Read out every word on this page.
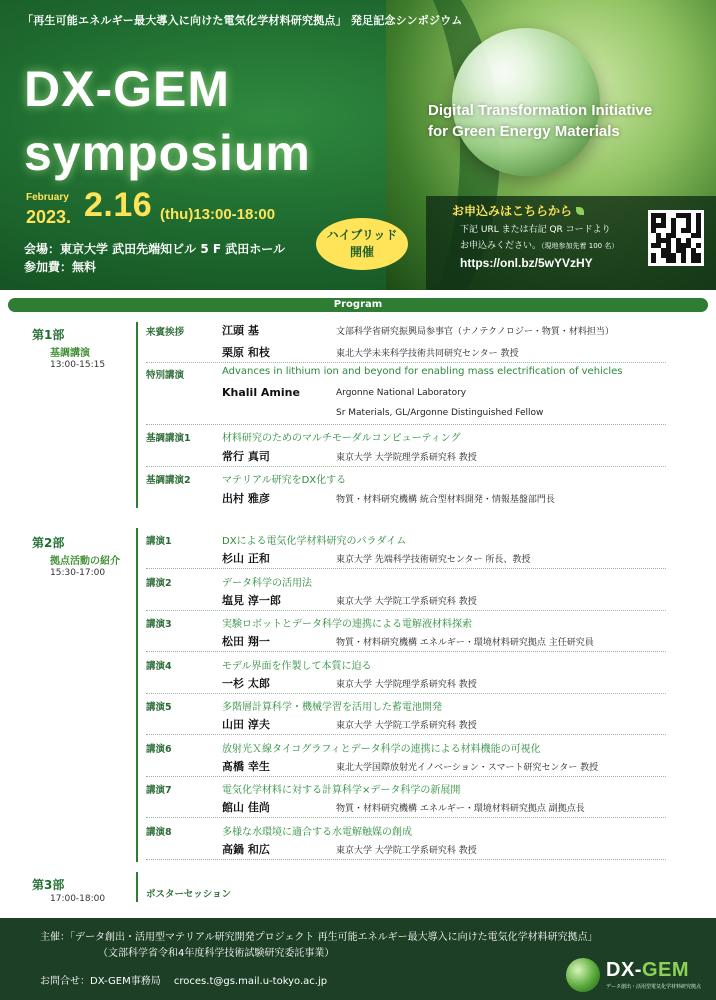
「再生可能エネルギー最大導入に向けた電気化学材料研究拠点」 発足記念シンポジウム
DX-GEM
symposium
Digital Transformation Initiative
for Green Energy Materials
February
2023. 2.16 (thu)13:00-18:00
会場：東京大学 武田先端知ビル 5 F 武田ホール
参加費：無料
ハイブリッド
開催
お申込みはこちらから
下記 URL または右記 QR コードより
お申込みください。（現地参加先着 100 名）
https://onl.bz/5wYVzHY
Program
第1部
基調講演
13:00-15:15
来賓挨拶	江頭 基	文部科学省研究振興局参事官（ナノテクノロジー・物質・材料担当）
栗原 和枝	東北大学未来科学技術共同研究センター 教授
特別講演	Advances in lithium ion and beyond for enabling mass electrification of vehicles
Khalil Amine	Argonne National Laboratory
Sr Materials, GL/Argonne Distinguished Fellow
基調講演1	材料研究のためのマルチモーダルコンピューティング
常行 真司	東京大学 大学院理学系研究科 教授
基調講演2	マテリアル研究をDX化する
出村 雅彦	物質・材料研究機構 統合型材料開発・情報基盤部門長
第2部
拠点活動の紹介
15:30-17:00
講演1	DXによる電気化学材料研究のパラダイム
杉山 正和	東京大学 先端科学技術研究センター 所長、教授
講演2	データ科学の活用法
塩見 淳一郎	東京大学 大学院工学系研究科 教授
講演3	実験ロボットとデータ科学の連携による電解液材料探索
松田 翔一	物質・材料研究機構 エネルギー・環境材料研究拠点 主任研究員
講演4	モデル界面を作製して本質に迫る
一杉 太郎	東京大学 大学院理学系研究科 教授
講演5	多階層計算科学・機械学習を活用した蓄電池開発
山田 淳夫	東京大学 大学院工学系研究科 教授
講演6	放射光Ｘ線タイコグラフィとデータ科学の連携による材料機能の可視化
髙橋 幸生	東北大学国際放射光イノベーション・スマート研究センター 教授
講演7	電気化学材料に対する計算科学×データ科学の新展開
館山 佳尚	物質・材料研究機構 エネルギー・環境材料研究拠点 副拠点長
講演8	多様な水環境に適合する水電解触媒の創成
高鍋 和広	東京大学 大学院工学系研究科 教授
第3部
17:00-18:00	ポスターセッション
主催：「データ創出・活用型マテリアル研究開発プロジェクト 再生可能エネルギー最大導入に向けた電気化学材料研究拠点」
（文部科学省令和4年度科学技術試験研究委託事業）
お問合せ：DX-GEM事務局　 croces.t@gs.mail.u-tokyo.ac.jp
DX-GEM
データ創出・活用型電気化学材料研究拠点
